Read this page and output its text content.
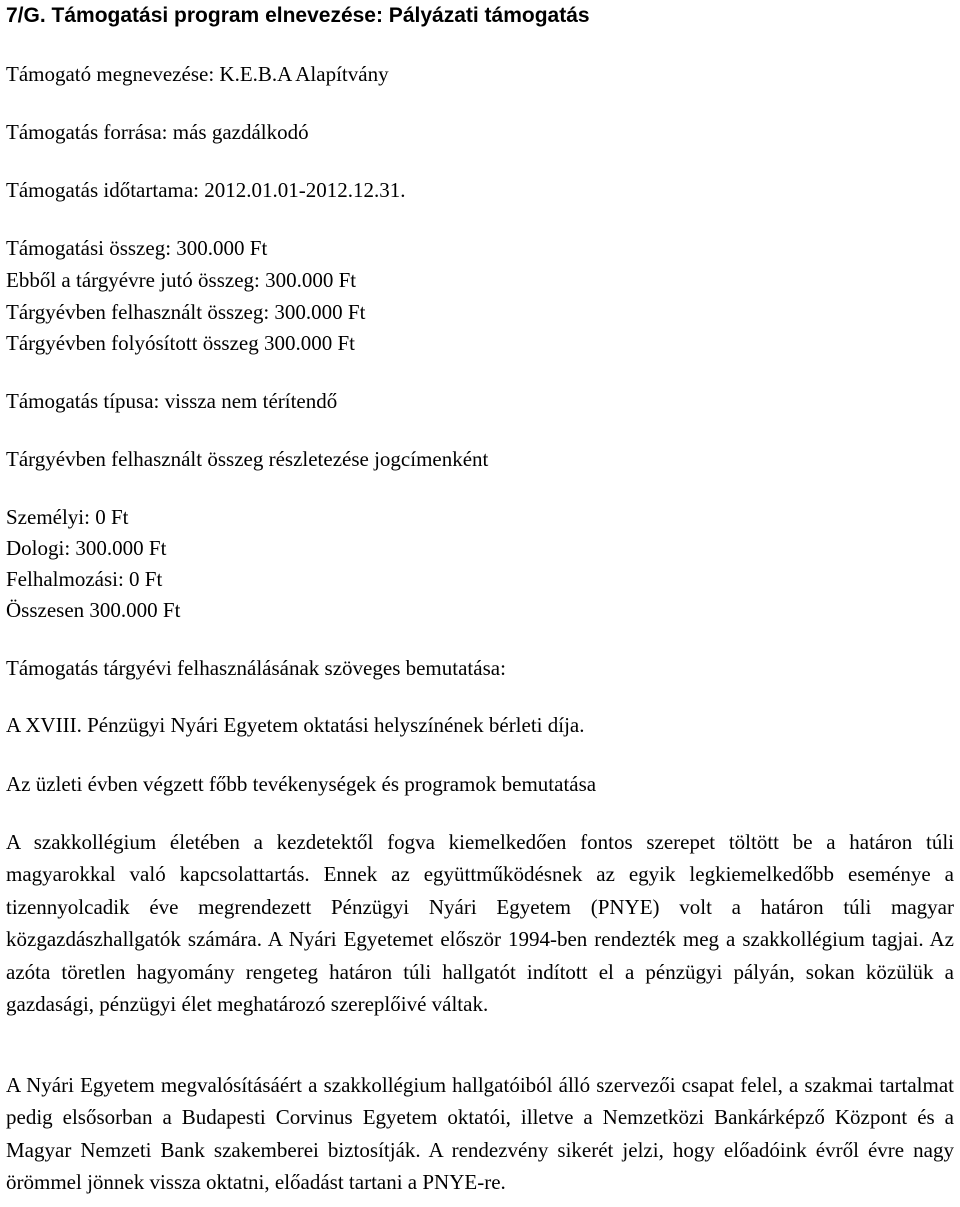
7/G. Támogatási program elnevezése: Pályázati támogatás
Támogató megnevezése: K.E.B.A Alapítvány
Támogatás forrása: más gazdálkodó
Támogatás időtartama: 2012.01.01-2012.12.31.
Támogatási összeg: 300.000 Ft
Ebből a tárgyévre jutó összeg: 300.000 Ft
Tárgyévben felhasznált összeg: 300.000 Ft
Tárgyévben folyósított összeg 300.000 Ft
Támogatás típusa: vissza nem térítendő
Tárgyévben felhasznált összeg részletezése jogcímenként
Személyi: 0 Ft
Dologi: 300.000 Ft
Felhalmozási: 0 Ft
Összesen 300.000 Ft
Támogatás tárgyévi felhasználásának szöveges bemutatása:
A XVIII. Pénzügyi Nyári Egyetem oktatási helyszínének bérleti díja.
Az üzleti évben végzett főbb tevékenységek és programok bemutatása

A szakkollégium életében a kezdetektől fogva kiemelkedően fontos szerepet töltött be a határon túli magyarokkal való kapcsolattartás. Ennek az együttműködésnek az egyik legkiemelkedőbb eseménye a tizennyolcadik éve megrendezett Pénzügyi Nyári Egyetem (PNYE) volt a határon túli magyar közgazdászhallgatók számára. A Nyári Egyetemet először 1994-ben rendezték meg a szakkollégium tagjai. Az azóta töretlen hagyomány rengeteg határon túli hallgatót indított el a pénzügyi pályán, sokan közülük a gazdasági, pénzügyi élet meghatározó szereplőivé váltak.

A Nyári Egyetem megvalósításáért a szakkollégium hallgatóiból álló szervezői csapat felel, a szakmai tartalmat pedig elsősorban a Budapesti Corvinus Egyetem oktatói, illetve a Nemzetközi Bankárképző Központ és a Magyar Nemzeti Bank szakemberei biztosítják. A rendezvény sikerét jelzi, hogy előadóink évről évre nagy örömmel jönnek vissza oktatni, előadást tartani a PNYE-re.
